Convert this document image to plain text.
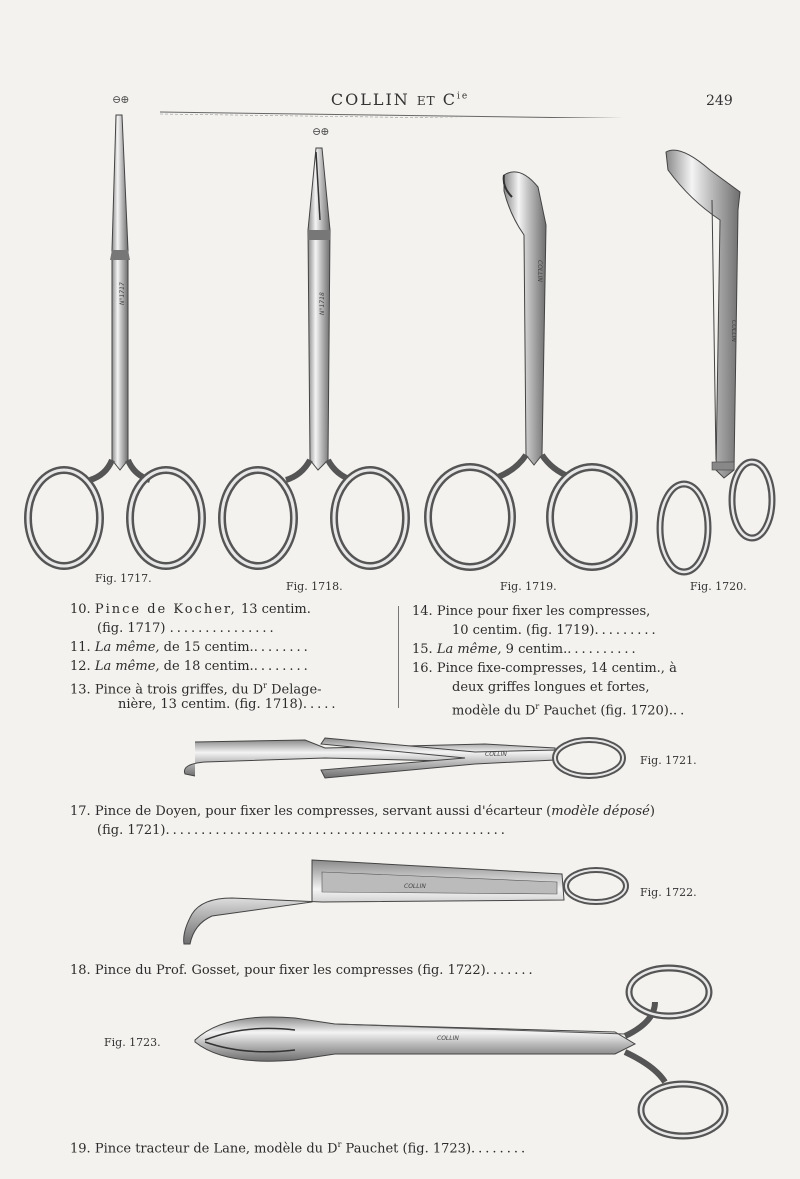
⊖⊕
⊖⊕
COLLIN ET $C^{ie}$	249
N°1717	N°1718
COLLIN
COLLIN
Fig. 1717.
Fig. 1718.	Fig. 1719.	Fig. 1720.
10. Pince de Kocher, 13 centim.
(fig. 1717) ...............
11. La même, de 15 centim.........
12. La même, de 18 centim.........
13. Pince à trois griffes, du $D^r$ Delage-
nière, 13 centim. (fig. 1718).....
14. Pince pour fixer les compresses,
10 centim. (fig. 1719).........
15. La même, 9 centim...........
16. Pince fixe-compresses, 14 centim., à
deux griffes longues et fortes,
modèle du $D^r$ Pauchet (fig. 1720)...
COLLIN	Fig. 1721.
17. Pince de Doyen, pour fixer les compresses, servant aussi d'écarteur (modèle déposé)
(fig. 1721)................................................
COLLIN	Fig. 1722.
18. Pince du Prof. Gosset, pour fixer les compresses (fig. 1722).......
COLLIN
Fig. 1723.
19. Pince tracteur de Lane, modèle du $D^r$ Pauchet (fig. 1723)........
